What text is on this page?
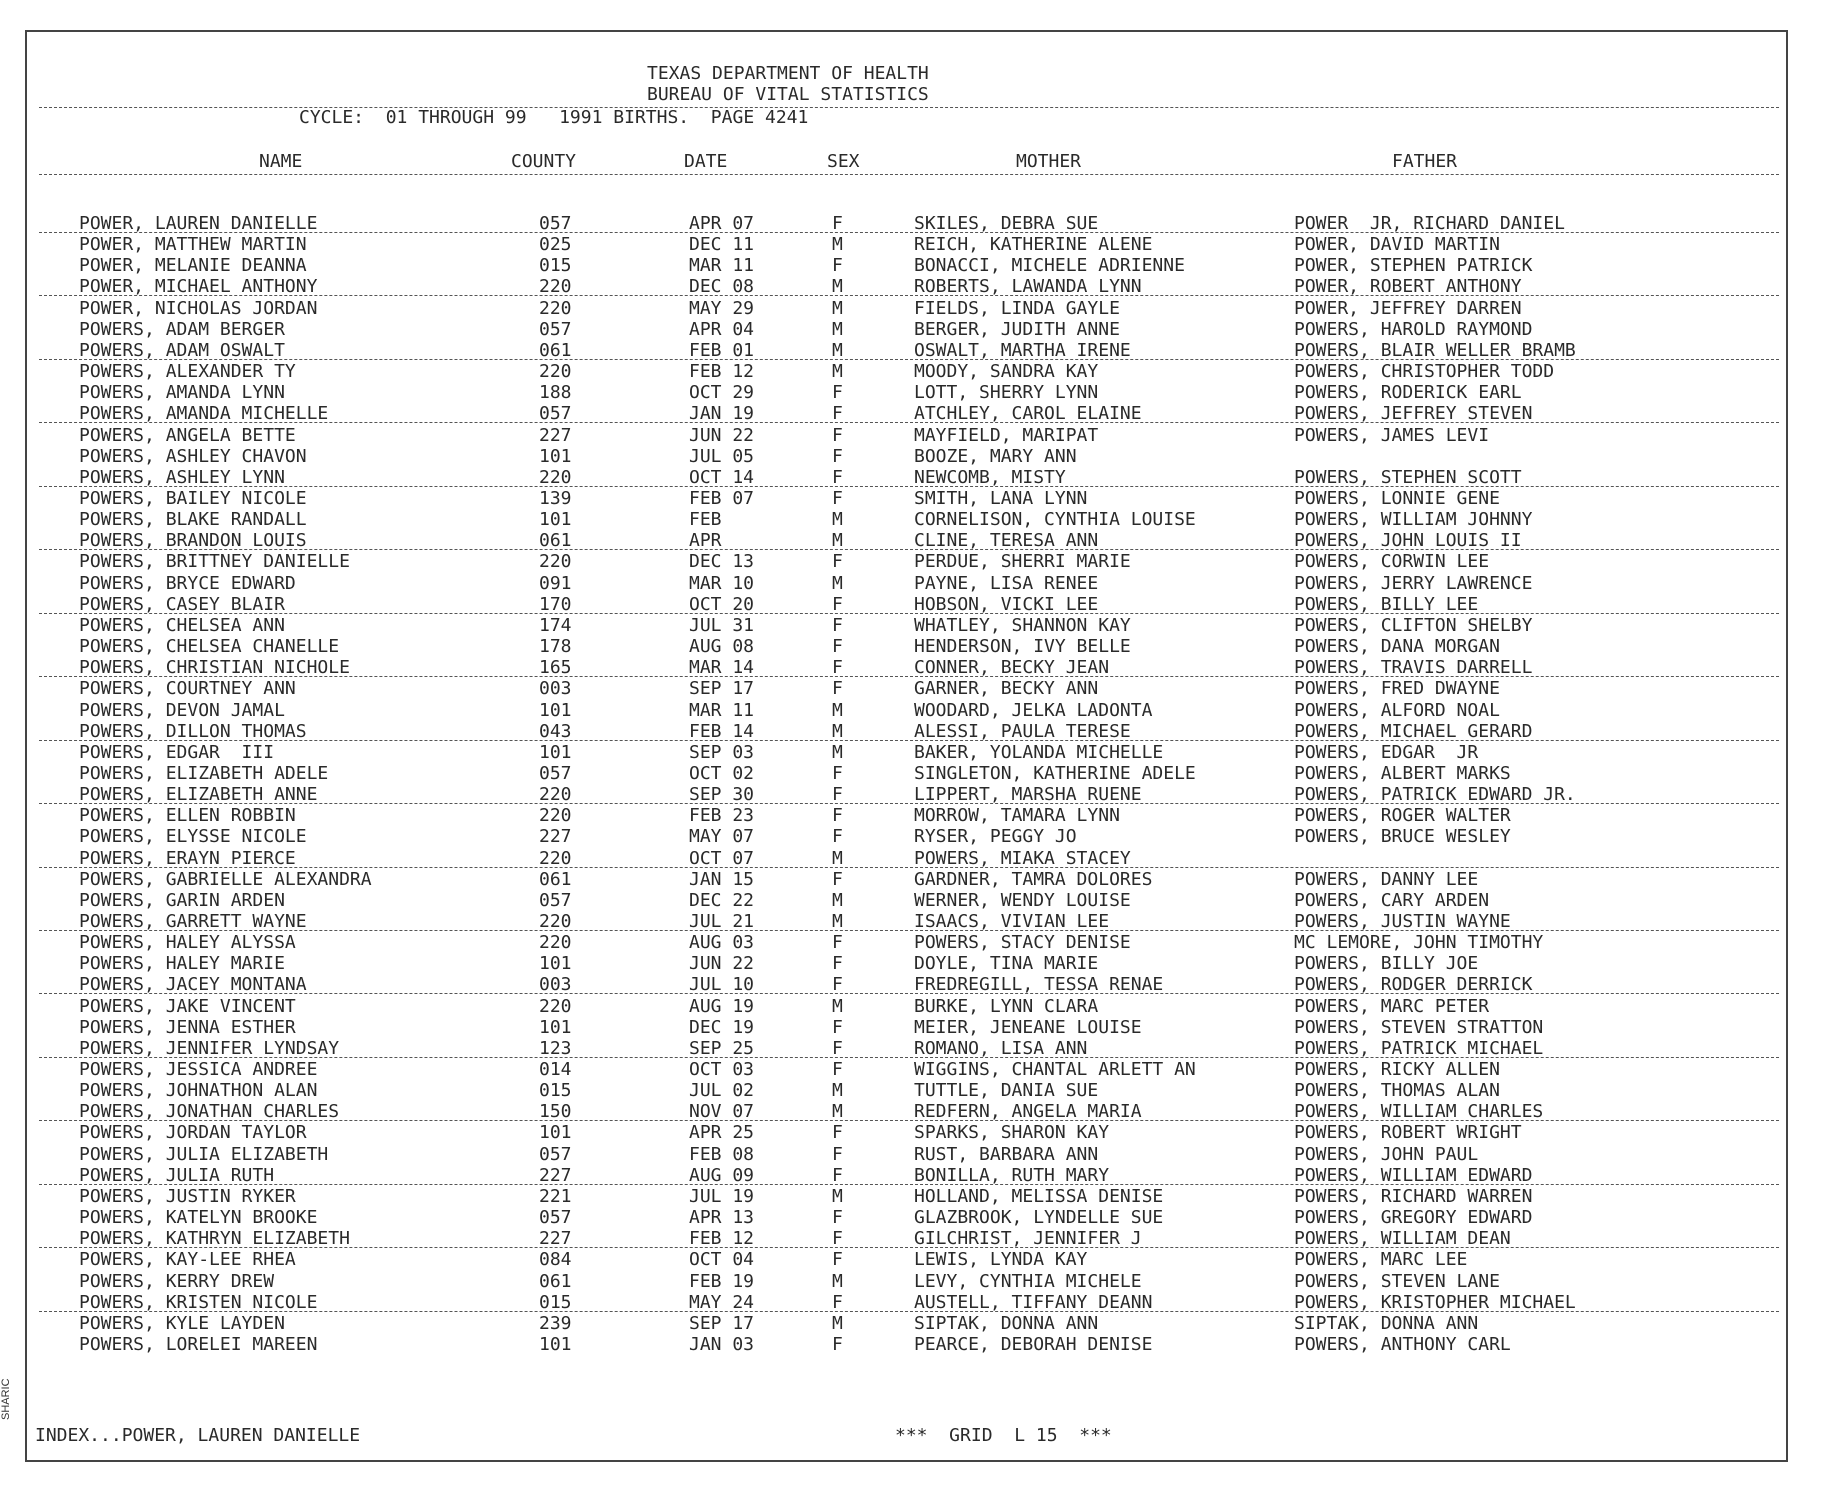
SHARIC
TEXAS DEPARTMENT OF HEALTH
BUREAU OF VITAL STATISTICS
CYCLE:  01 THROUGH 99   1991 BIRTHS.  PAGE 4241
NAME	COUNTY	DATE	SEX	MOTHER	FATHER
POWER, LAUREN DANIELLE	057	APR 07	F	SKILES, DEBRA SUE	POWER  JR, RICHARD DANIEL
POWER, MATTHEW MARTIN	025	DEC 11	M	REICH, KATHERINE ALENE	POWER, DAVID MARTIN
POWER, MELANIE DEANNA	015	MAR 11	F	BONACCI, MICHELE ADRIENNE	POWER, STEPHEN PATRICK
POWER, MICHAEL ANTHONY	220	DEC 08	M	ROBERTS, LAWANDA LYNN	POWER, ROBERT ANTHONY
POWER, NICHOLAS JORDAN	220	MAY 29	M	FIELDS, LINDA GAYLE	POWER, JEFFREY DARREN
POWERS, ADAM BERGER	057	APR 04	M	BERGER, JUDITH ANNE	POWERS, HAROLD RAYMOND
POWERS, ADAM OSWALT	061	FEB 01	M	OSWALT, MARTHA IRENE	POWERS, BLAIR WELLER BRAMB
POWERS, ALEXANDER TY	220	FEB 12	M	MOODY, SANDRA KAY	POWERS, CHRISTOPHER TODD
POWERS, AMANDA LYNN	188	OCT 29	F	LOTT, SHERRY LYNN	POWERS, RODERICK EARL
POWERS, AMANDA MICHELLE	057	JAN 19	F	ATCHLEY, CAROL ELAINE	POWERS, JEFFREY STEVEN
POWERS, ANGELA BETTE	227	JUN 22	F	MAYFIELD, MARIPAT	POWERS, JAMES LEVI
POWERS, ASHLEY CHAVON	101	JUL 05	F	BOOZE, MARY ANN
POWERS, ASHLEY LYNN	220	OCT 14	F	NEWCOMB, MISTY	POWERS, STEPHEN SCOTT
POWERS, BAILEY NICOLE	139	FEB 07	F	SMITH, LANA LYNN	POWERS, LONNIE GENE
POWERS, BLAKE RANDALL	101	FEB	M	CORNELISON, CYNTHIA LOUISE	POWERS, WILLIAM JOHNNY
POWERS, BRANDON LOUIS	061	APR	M	CLINE, TERESA ANN	POWERS, JOHN LOUIS II
POWERS, BRITTNEY DANIELLE	220	DEC 13	F	PERDUE, SHERRI MARIE	POWERS, CORWIN LEE
POWERS, BRYCE EDWARD	091	MAR 10	M	PAYNE, LISA RENEE	POWERS, JERRY LAWRENCE
POWERS, CASEY BLAIR	170	OCT 20	F	HOBSON, VICKI LEE	POWERS, BILLY LEE
POWERS, CHELSEA ANN	174	JUL 31	F	WHATLEY, SHANNON KAY	POWERS, CLIFTON SHELBY
POWERS, CHELSEA CHANELLE	178	AUG 08	F	HENDERSON, IVY BELLE	POWERS, DANA MORGAN
POWERS, CHRISTIAN NICHOLE	165	MAR 14	F	CONNER, BECKY JEAN	POWERS, TRAVIS DARRELL
POWERS, COURTNEY ANN	003	SEP 17	F	GARNER, BECKY ANN	POWERS, FRED DWAYNE
POWERS, DEVON JAMAL	101	MAR 11	M	WOODARD, JELKA LADONTA	POWERS, ALFORD NOAL
POWERS, DILLON THOMAS	043	FEB 14	M	ALESSI, PAULA TERESE	POWERS, MICHAEL GERARD
POWERS, EDGAR  III	101	SEP 03	M	BAKER, YOLANDA MICHELLE	POWERS, EDGAR  JR
POWERS, ELIZABETH ADELE	057	OCT 02	F	SINGLETON, KATHERINE ADELE	POWERS, ALBERT MARKS
POWERS, ELIZABETH ANNE	220	SEP 30	F	LIPPERT, MARSHA RUENE	POWERS, PATRICK EDWARD JR.
POWERS, ELLEN ROBBIN	220	FEB 23	F	MORROW, TAMARA LYNN	POWERS, ROGER WALTER
POWERS, ELYSSE NICOLE	227	MAY 07	F	RYSER, PEGGY JO	POWERS, BRUCE WESLEY
POWERS, ERAYN PIERCE	220	OCT 07	M	POWERS, MIAKA STACEY
POWERS, GABRIELLE ALEXANDRA	061	JAN 15	F	GARDNER, TAMRA DOLORES	POWERS, DANNY LEE
POWERS, GARIN ARDEN	057	DEC 22	M	WERNER, WENDY LOUISE	POWERS, CARY ARDEN
POWERS, GARRETT WAYNE	220	JUL 21	M	ISAACS, VIVIAN LEE	POWERS, JUSTIN WAYNE
POWERS, HALEY ALYSSA	220	AUG 03	F	POWERS, STACY DENISE	MC LEMORE, JOHN TIMOTHY
POWERS, HALEY MARIE	101	JUN 22	F	DOYLE, TINA MARIE	POWERS, BILLY JOE
POWERS, JACEY MONTANA	003	JUL 10	F	FREDREGILL, TESSA RENAE	POWERS, RODGER DERRICK
POWERS, JAKE VINCENT	220	AUG 19	M	BURKE, LYNN CLARA	POWERS, MARC PETER
POWERS, JENNA ESTHER	101	DEC 19	F	MEIER, JENEANE LOUISE	POWERS, STEVEN STRATTON
POWERS, JENNIFER LYNDSAY	123	SEP 25	F	ROMANO, LISA ANN	POWERS, PATRICK MICHAEL
POWERS, JESSICA ANDREE	014	OCT 03	F	WIGGINS, CHANTAL ARLETT AN	POWERS, RICKY ALLEN
POWERS, JOHNATHON ALAN	015	JUL 02	M	TUTTLE, DANIA SUE	POWERS, THOMAS ALAN
POWERS, JONATHAN CHARLES	150	NOV 07	M	REDFERN, ANGELA MARIA	POWERS, WILLIAM CHARLES
POWERS, JORDAN TAYLOR	101	APR 25	F	SPARKS, SHARON KAY	POWERS, ROBERT WRIGHT
POWERS, JULIA ELIZABETH	057	FEB 08	F	RUST, BARBARA ANN	POWERS, JOHN PAUL
POWERS, JULIA RUTH	227	AUG 09	F	BONILLA, RUTH MARY	POWERS, WILLIAM EDWARD
POWERS, JUSTIN RYKER	221	JUL 19	M	HOLLAND, MELISSA DENISE	POWERS, RICHARD WARREN
POWERS, KATELYN BROOKE	057	APR 13	F	GLAZBROOK, LYNDELLE SUE	POWERS, GREGORY EDWARD
POWERS, KATHRYN ELIZABETH	227	FEB 12	F	GILCHRIST, JENNIFER J	POWERS, WILLIAM DEAN
POWERS, KAY-LEE RHEA	084	OCT 04	F	LEWIS, LYNDA KAY	POWERS, MARC LEE
POWERS, KERRY DREW	061	FEB 19	M	LEVY, CYNTHIA MICHELE	POWERS, STEVEN LANE
POWERS, KRISTEN NICOLE	015	MAY 24	F	AUSTELL, TIFFANY DEANN	POWERS, KRISTOPHER MICHAEL
POWERS, KYLE LAYDEN	239	SEP 17	M	SIPTAK, DONNA ANN	SIPTAK, DONNA ANN
POWERS, LORELEI MAREEN	101	JAN 03	F	PEARCE, DEBORAH DENISE	POWERS, ANTHONY CARL
INDEX...POWER, LAUREN DANIELLE	***  GRID  L 15  ***
